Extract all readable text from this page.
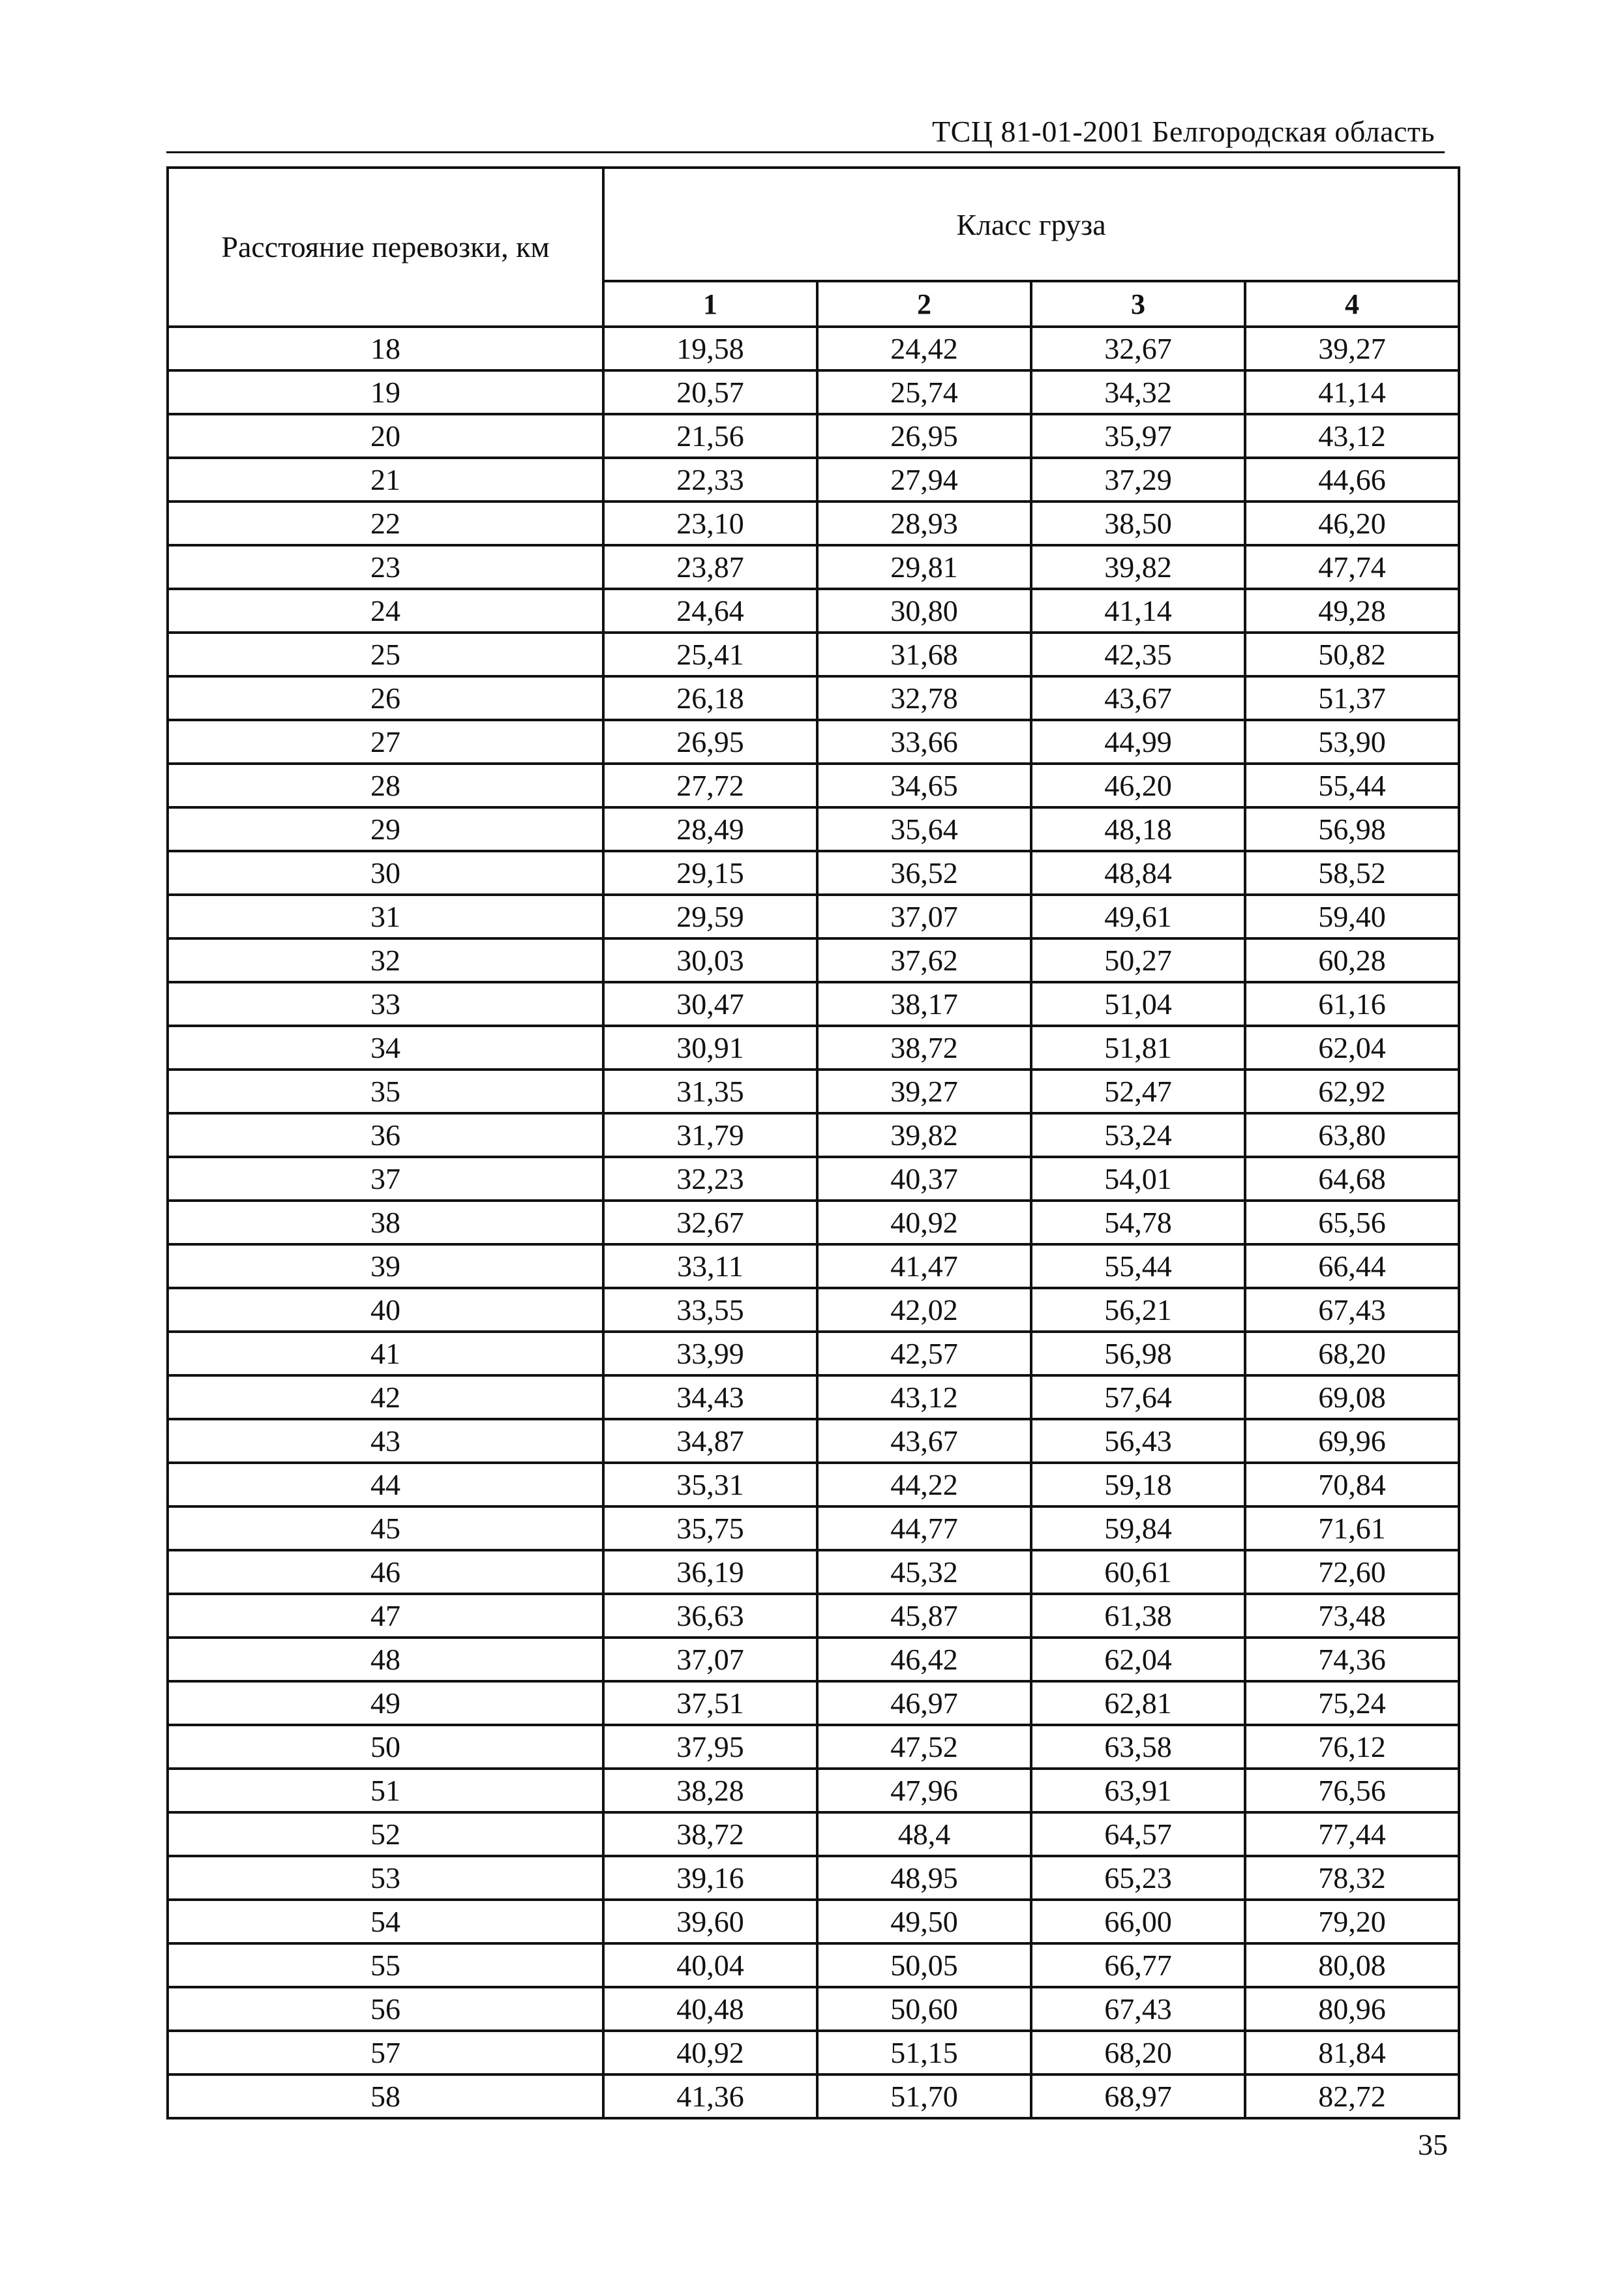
ТСЦ 81-01-2001 Белгородская область
Расстояние перевозки, км	Класс груза			
	1	2	3	4
18	19,58	24,42	32,67	39,27
19	20,57	25,74	34,32	41,14
20	21,56	26,95	35,97	43,12
21	22,33	27,94	37,29	44,66
22	23,10	28,93	38,50	46,20
23	23,87	29,81	39,82	47,74
24	24,64	30,80	41,14	49,28
25	25,41	31,68	42,35	50,82
26	26,18	32,78	43,67	51,37
27	26,95	33,66	44,99	53,90
28	27,72	34,65	46,20	55,44
29	28,49	35,64	48,18	56,98
30	29,15	36,52	48,84	58,52
31	29,59	37,07	49,61	59,40
32	30,03	37,62	50,27	60,28
33	30,47	38,17	51,04	61,16
34	30,91	38,72	51,81	62,04
35	31,35	39,27	52,47	62,92
36	31,79	39,82	53,24	63,80
37	32,23	40,37	54,01	64,68
38	32,67	40,92	54,78	65,56
39	33,11	41,47	55,44	66,44
40	33,55	42,02	56,21	67,43
41	33,99	42,57	56,98	68,20
42	34,43	43,12	57,64	69,08
43	34,87	43,67	56,43	69,96
44	35,31	44,22	59,18	70,84
45	35,75	44,77	59,84	71,61
46	36,19	45,32	60,61	72,60
47	36,63	45,87	61,38	73,48
48	37,07	46,42	62,04	74,36
49	37,51	46,97	62,81	75,24
50	37,95	47,52	63,58	76,12
51	38,28	47,96	63,91	76,56
52	38,72	48,4	64,57	77,44
53	39,16	48,95	65,23	78,32
54	39,60	49,50	66,00	79,20
55	40,04	50,05	66,77	80,08
56	40,48	50,60	67,43	80,96
57	40,92	51,15	68,20	81,84
58	41,36	51,70	68,97	82,72
35
